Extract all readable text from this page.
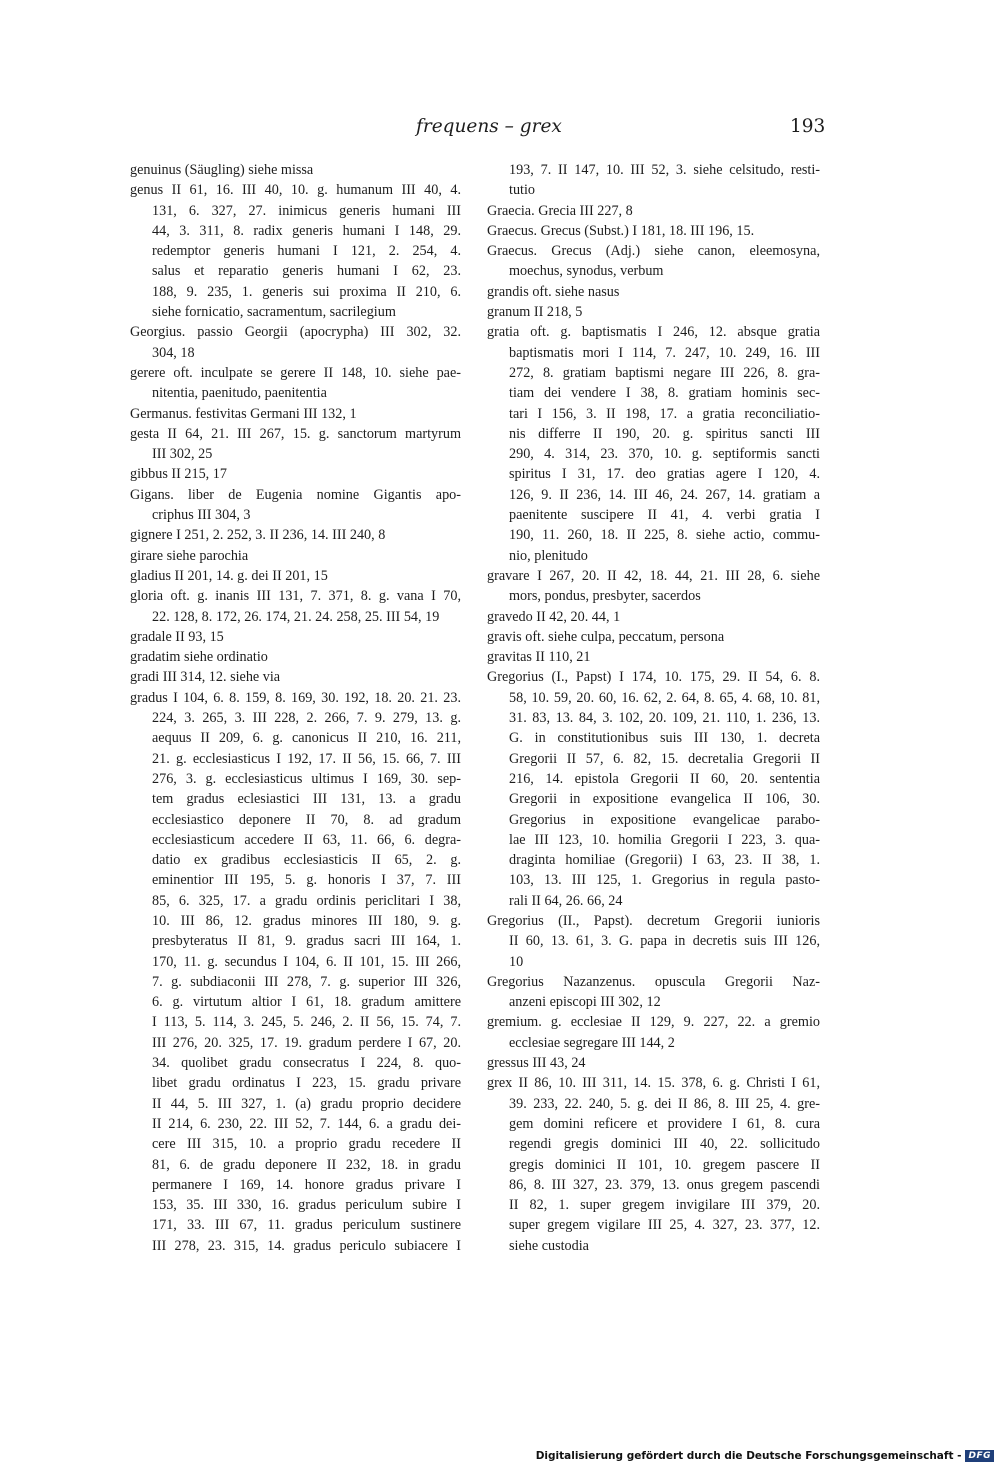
frequens – grex	193
genuinus (Säugling) siehe missa
genus II 61, 16. III 40, 10. g. humanum III 40, 4.
131, 6. 327, 27. inimicus generis humani III
44, 3. 311, 8. radix generis humani I 148, 29.
redemptor generis humani I 121, 2. 254, 4.
salus et reparatio generis humani I 62, 23.
188, 9. 235, 1. generis sui proxima II 210, 6.
siehe fornicatio, sacramentum, sacrilegium
Georgius. passio Georgii (apocrypha) III 302, 32.
304, 18
gerere oft. inculpate se gerere II 148, 10. siehe pae-
nitentia, paenitudo, paenitentia
Germanus. festivitas Germani III 132, 1
gesta II 64, 21. III 267, 15. g. sanctorum martyrum
III 302, 25
gibbus II 215, 17
Gigans. liber de Eugenia nomine Gigantis apo-
criphus III 304, 3
gignere I 251, 2. 252, 3. II 236, 14. III 240, 8
girare siehe parochia
gladius II 201, 14. g. dei II 201, 15
gloria oft. g. inanis III 131, 7. 371, 8. g. vana I 70,
22. 128, 8. 172, 26. 174, 21. 24. 258, 25. III 54, 19
gradale II 93, 15
gradatim siehe ordinatio
gradi III 314, 12. siehe via
gradus I 104, 6. 8. 159, 8. 169, 30. 192, 18. 20. 21. 23.
224, 3. 265, 3. III 228, 2. 266, 7. 9. 279, 13. g.
aequus II 209, 6. g. canonicus II 210, 16. 211,
21. g. ecclesiasticus I 192, 17. II 56, 15. 66, 7. III
276, 3. g. ecclesiasticus ultimus I 169, 30. sep-
tem gradus eclesiastici III 131, 13. a gradu
ecclesiastico deponere II 70, 8. ad gradum
ecclesiasticum accedere II 63, 11. 66, 6. degra-
datio ex gradibus ecclesiasticis II 65, 2. g.
eminentior III 195, 5. g. honoris I 37, 7. III
85, 6. 325, 17. a gradu ordinis periclitari I 38,
10. III 86, 12. gradus minores III 180, 9. g.
presbyteratus II 81, 9. gradus sacri III 164, 1.
170, 11. g. secundus I 104, 6. II 101, 15. III 266,
7. g. subdiaconii III 278, 7. g. superior III 326,
6. g. virtutum altior I 61, 18. gradum amittere
I 113, 5. 114, 3. 245, 5. 246, 2. II 56, 15. 74, 7.
III 276, 20. 325, 17. 19. gradum perdere I 67, 20.
34. quolibet gradu consecratus I 224, 8. quo-
libet gradu ordinatus I 223, 15. gradu privare
II 44, 5. III 327, 1. (a) gradu proprio decidere
II 214, 6. 230, 22. III 52, 7. 144, 6. a gradu dei-
cere III 315, 10. a proprio gradu recedere II
81, 6. de gradu deponere II 232, 18. in gradu
permanere I 169, 14. honore gradus privare I
153, 35. III 330, 16. gradus periculum subire I
171, 33. III 67, 11. gradus periculum sustinere
III 278, 23. 315, 14. gradus periculo subiacere I
193, 7. II 147, 10. III 52, 3. siehe celsitudo, resti-
tutio
Graecia. Grecia III 227, 8
Graecus. Grecus (Subst.) I 181, 18. III 196, 15.
Graecus. Grecus (Adj.) siehe canon, eleemosyna,
moechus, synodus, verbum
grandis oft. siehe nasus
granum II 218, 5
gratia oft. g. baptismatis I 246, 12. absque gratia
baptismatis mori I 114, 7. 247, 10. 249, 16. III
272, 8. gratiam baptismi negare III 226, 8. gra-
tiam dei vendere I 38, 8. gratiam hominis sec-
tari I 156, 3. II 198, 17. a gratia reconciliatio-
nis differre II 190, 20. g. spiritus sancti III
290, 4. 314, 23. 370, 10. g. septiformis sancti
spiritus I 31, 17. deo gratias agere I 120, 4.
126, 9. II 236, 14. III 46, 24. 267, 14. gratiam a
paenitente suscipere II 41, 4. verbi gratia I
190, 11. 260, 18. II 225, 8. siehe actio, commu-
nio, plenitudo
gravare I 267, 20. II 42, 18. 44, 21. III 28, 6. siehe
mors, pondus, presbyter, sacerdos
gravedo II 42, 20. 44, 1
gravis oft. siehe culpa, peccatum, persona
gravitas II 110, 21
Gregorius (I., Papst) I 174, 10. 175, 29. II 54, 6. 8.
58, 10. 59, 20. 60, 16. 62, 2. 64, 8. 65, 4. 68, 10. 81,
31. 83, 13. 84, 3. 102, 20. 109, 21. 110, 1. 236, 13.
G. in constitutionibus suis III 130, 1. decreta
Gregorii II 57, 6. 82, 15. decretalia Gregorii II
216, 14. epistola Gregorii II 60, 20. sententia
Gregorii in expositione evangelica II 106, 30.
Gregorius in expositione evangelicae parabo-
lae III 123, 10. homilia Gregorii I 223, 3. qua-
draginta homiliae (Gregorii) I 63, 23. II 38, 1.
103, 13. III 125, 1. Gregorius in regula pasto-
rali II 64, 26. 66, 24
Gregorius (II., Papst). decretum Gregorii iunioris
II 60, 13. 61, 3. G. papa in decretis suis III 126,
10
Gregorius Nazanzenus. opuscula Gregorii Naz-
anzeni episcopi III 302, 12
gremium. g. ecclesiae II 129, 9. 227, 22. a gremio
ecclesiae segregare III 144, 2
gressus III 43, 24
grex II 86, 10. III 311, 14. 15. 378, 6. g. Christi I 61,
39. 233, 22. 240, 5. g. dei II 86, 8. III 25, 4. gre-
gem domini reficere et providere I 61, 8. cura
regendi gregis dominici III 40, 22. sollicitudo
gregis dominici II 101, 10. gregem pascere II
86, 8. III 327, 23. 379, 13. onus gregem pascendi
II 82, 1. super gregem invigilare III 379, 20.
super gregem vigilare III 25, 4. 327, 23. 377, 12.
siehe custodia
Digitalisierung gefördert durch die Deutsche Forschungsgemeinschaft - DFG
